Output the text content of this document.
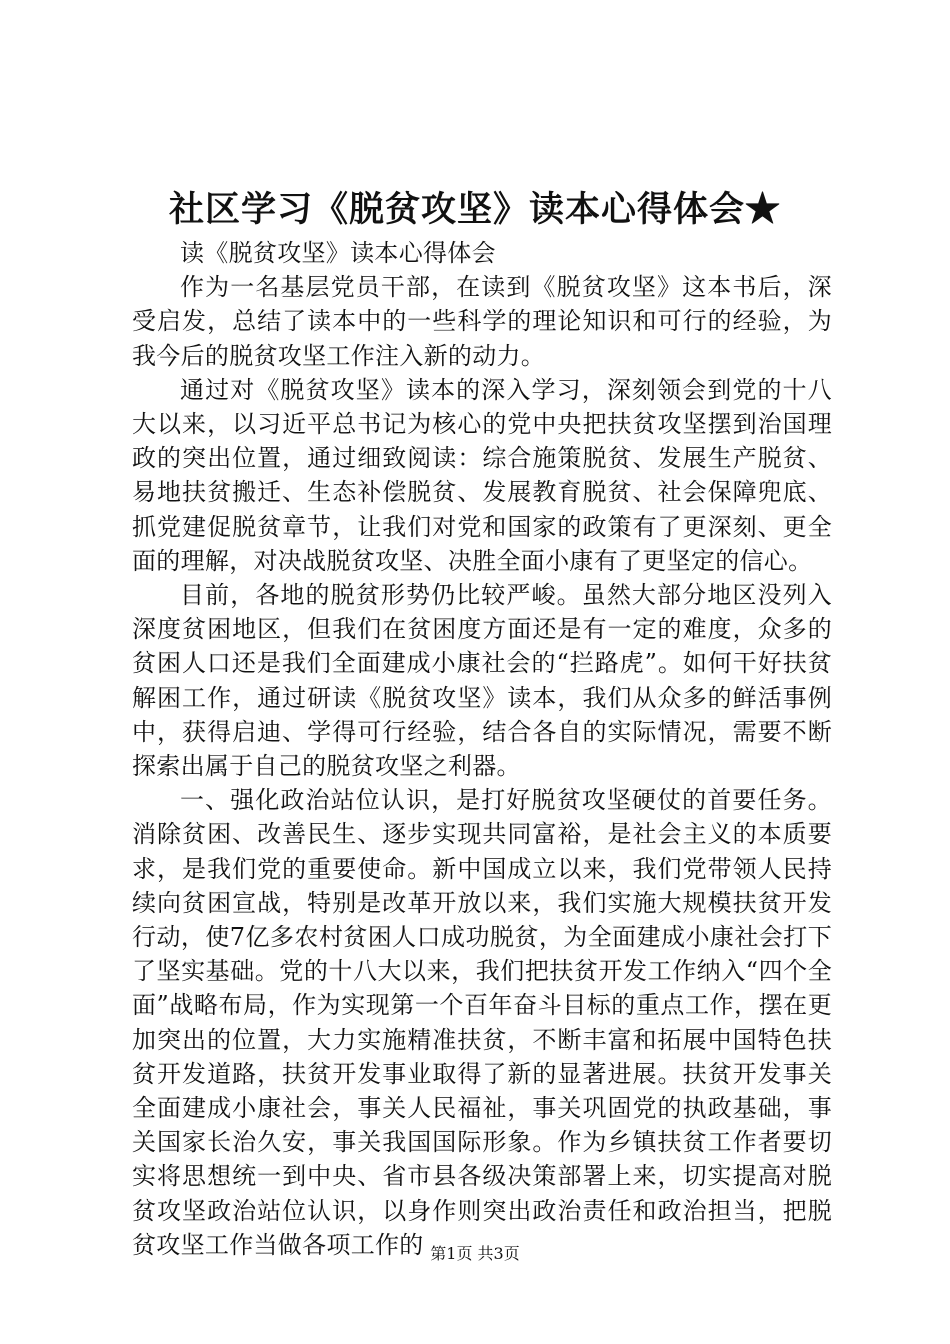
社区学习《脱贫攻坚》读本心得体会★

读《脱贫攻坚》读本心得体会

作为一名基层党员干部，在读到《脱贫攻坚》这本书后，深受启发，总结了读本中的一些科学的理论知识和可行的经验，为我今后的脱贫攻坚工作注入新的动力。

通过对《脱贫攻坚》读本的深入学习，深刻领会到党的十八大以来，以习近平总书记为核心的党中央把扶贫攻坚摆到治国理政的突出位置，通过细致阅读：综合施策脱贫、发展生产脱贫、易地扶贫搬迁、生态补偿脱贫、发展教育脱贫、社会保障兜底、抓党建促脱贫章节，让我们对党和国家的政策有了更深刻、更全面的理解，对决战脱贫攻坚、决胜全面小康有了更坚定的信心。

目前，各地的脱贫形势仍比较严峻。虽然大部分地区没列入深度贫困地区，但我们在贫困度方面还是有一定的难度，众多的贫困人口还是我们全面建成小康社会的“拦路虎”。如何干好扶贫解困工作，通过研读《脱贫攻坚》读本，我们从众多的鲜活事例中，获得启迪、学得可行经验，结合各自的实际情况，需要不断探索出属于自己的脱贫攻坚之利器。

一、强化政治站位认识，是打好脱贫攻坚硬仗的首要任务。消除贫困、改善民生、逐步实现共同富裕，是社会主义的本质要求，是我们党的重要使命。新中国成立以来，我们党带领人民持续向贫困宣战，特别是改革开放以来，我们实施大规模扶贫开发行动，使7亿多农村贫困人口成功脱贫，为全面建成小康社会打下了坚实基础。党的十八大以来，我们把扶贫开发工作纳入“四个全面”战略布局，作为实现第一个百年奋斗目标的重点工作，摆在更加突出的位置，大力实施精准扶贫，不断丰富和拓展中国特色扶贫开发道路，扶贫开发事业取得了新的显著进展。扶贫开发事关全面建成小康社会，事关人民福祉，事关巩固党的执政基础，事关国家长治久安，事关我国国际形象。作为乡镇扶贫工作者要切实将思想统一到中央、省市县各级决策部署上来，切实提高对脱贫攻坚政治站位认识，以身作则突出政治责任和政治担当，把脱贫攻坚工作当做各项工作的 第1页 共3页
